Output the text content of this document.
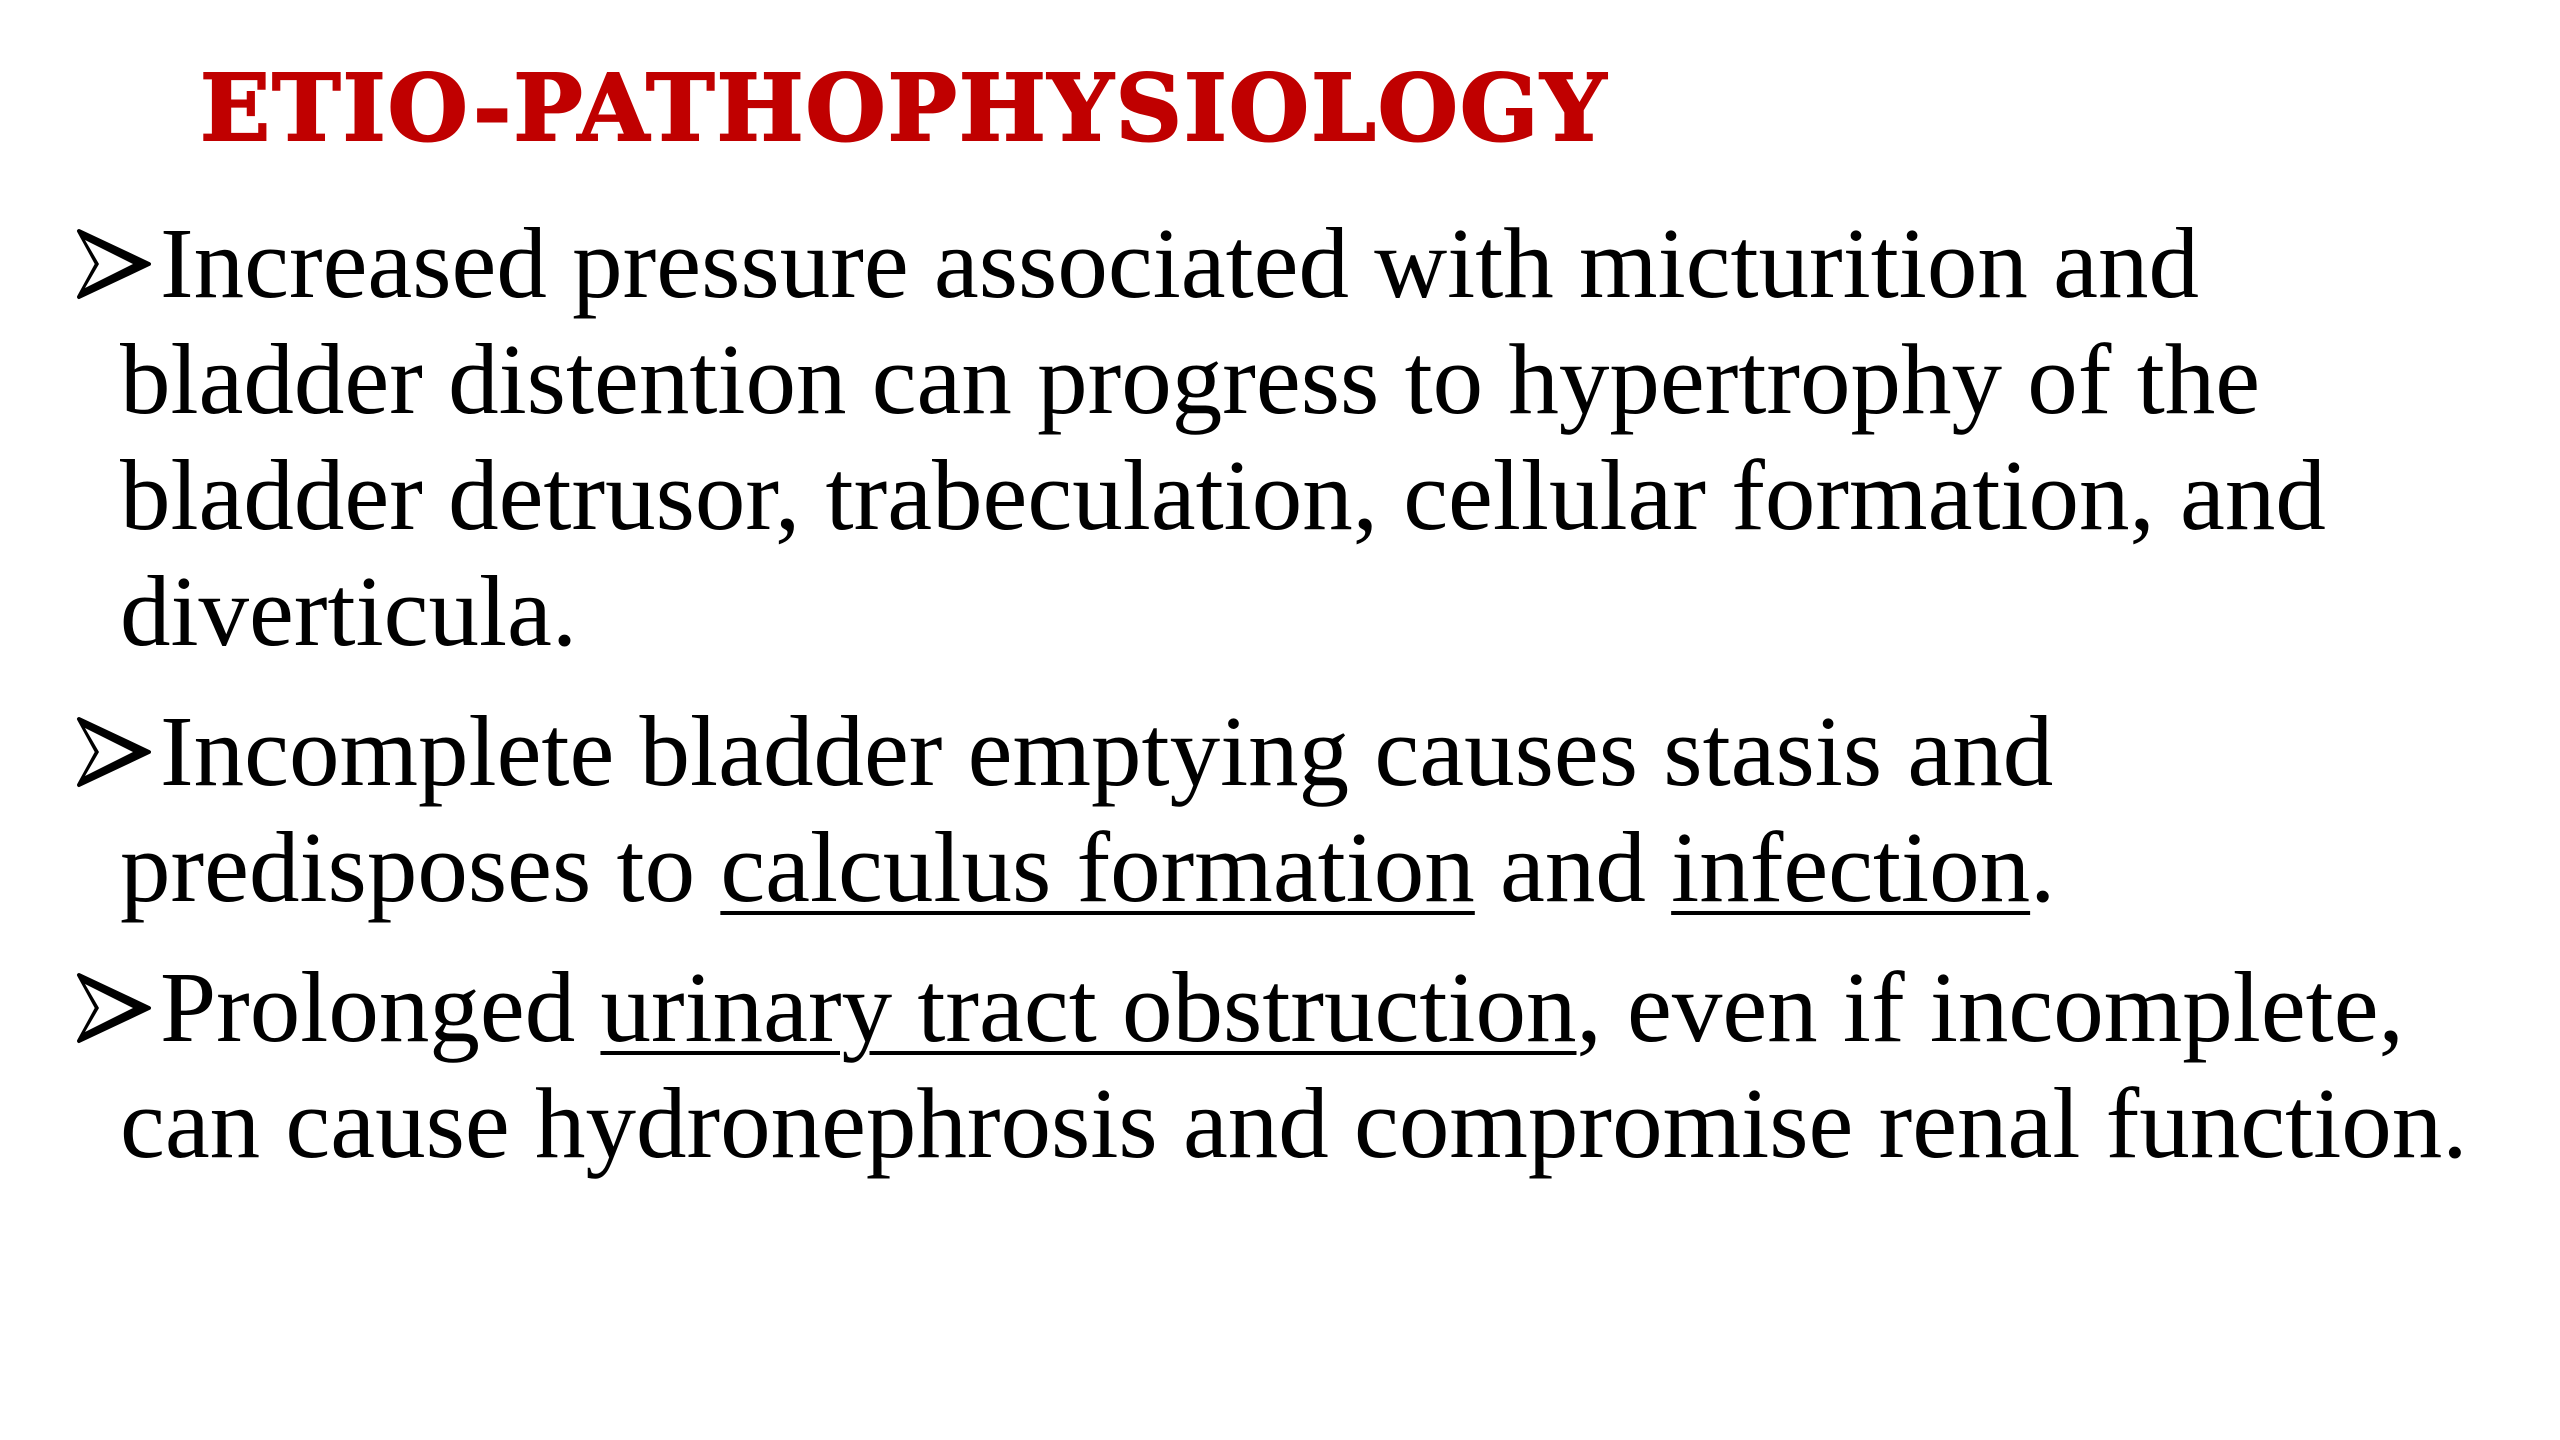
ETIO-PATHOPHYSIOLOGY
Increased pressure associated with micturition and bladder distention can progress to hypertrophy of the bladder detrusor, trabeculation, cellular formation, and diverticula.
Incomplete bladder emptying causes stasis and predisposes to calculus formation and infection.
Prolonged urinary tract obstruction, even if incomplete, can cause hydronephrosis and compromise renal function.
